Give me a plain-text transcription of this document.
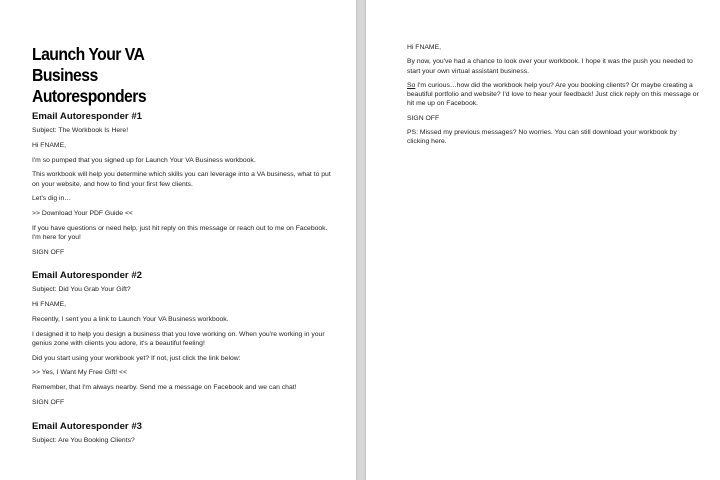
Launch Your VA Business Autoresponders
Email Autoresponder #1

Subject: The Workbook Is Here!

Hi FNAME,

I'm so pumped that you signed up for Launch Your VA Business workbook.

This workbook will help you determine which skills you can leverage into a VA business, what to put on your website, and how to find your first few clients.

Let's dig in…

>> Download Your PDF Guide <<

If you have questions or need help, just hit reply on this message or reach out to me on Facebook. I'm here for you!

SIGN OFF

Email Autoresponder #2

Subject: Did You Grab Your Gift?

Hi FNAME,

Recently, I sent you a link to Launch Your VA Business workbook.

I designed it to help you design a business that you love working on. When you're working in your genius zone with clients you adore, it's a beautiful feeling!

Did you start using your workbook yet? If not, just click the link below:

>> Yes, I Want My Free Gift! <<

Remember, that I'm always nearby. Send me a message on Facebook and we can chat!

SIGN OFF

Email Autoresponder #3

Subject: Are You Booking Clients?

Hi FNAME,

By now, you've had a chance to look over your workbook. I hope it was the push you needed to start your own virtual assistant business.

So I'm curious…how did the workbook help you? Are you booking clients? Or maybe creating a beautiful portfolio and website? I'd love to hear your feedback! Just click reply on this message or hit me up on Facebook.

SIGN OFF

PS: Missed my previous messages? No worries. You can still download your workbook by clicking here.
